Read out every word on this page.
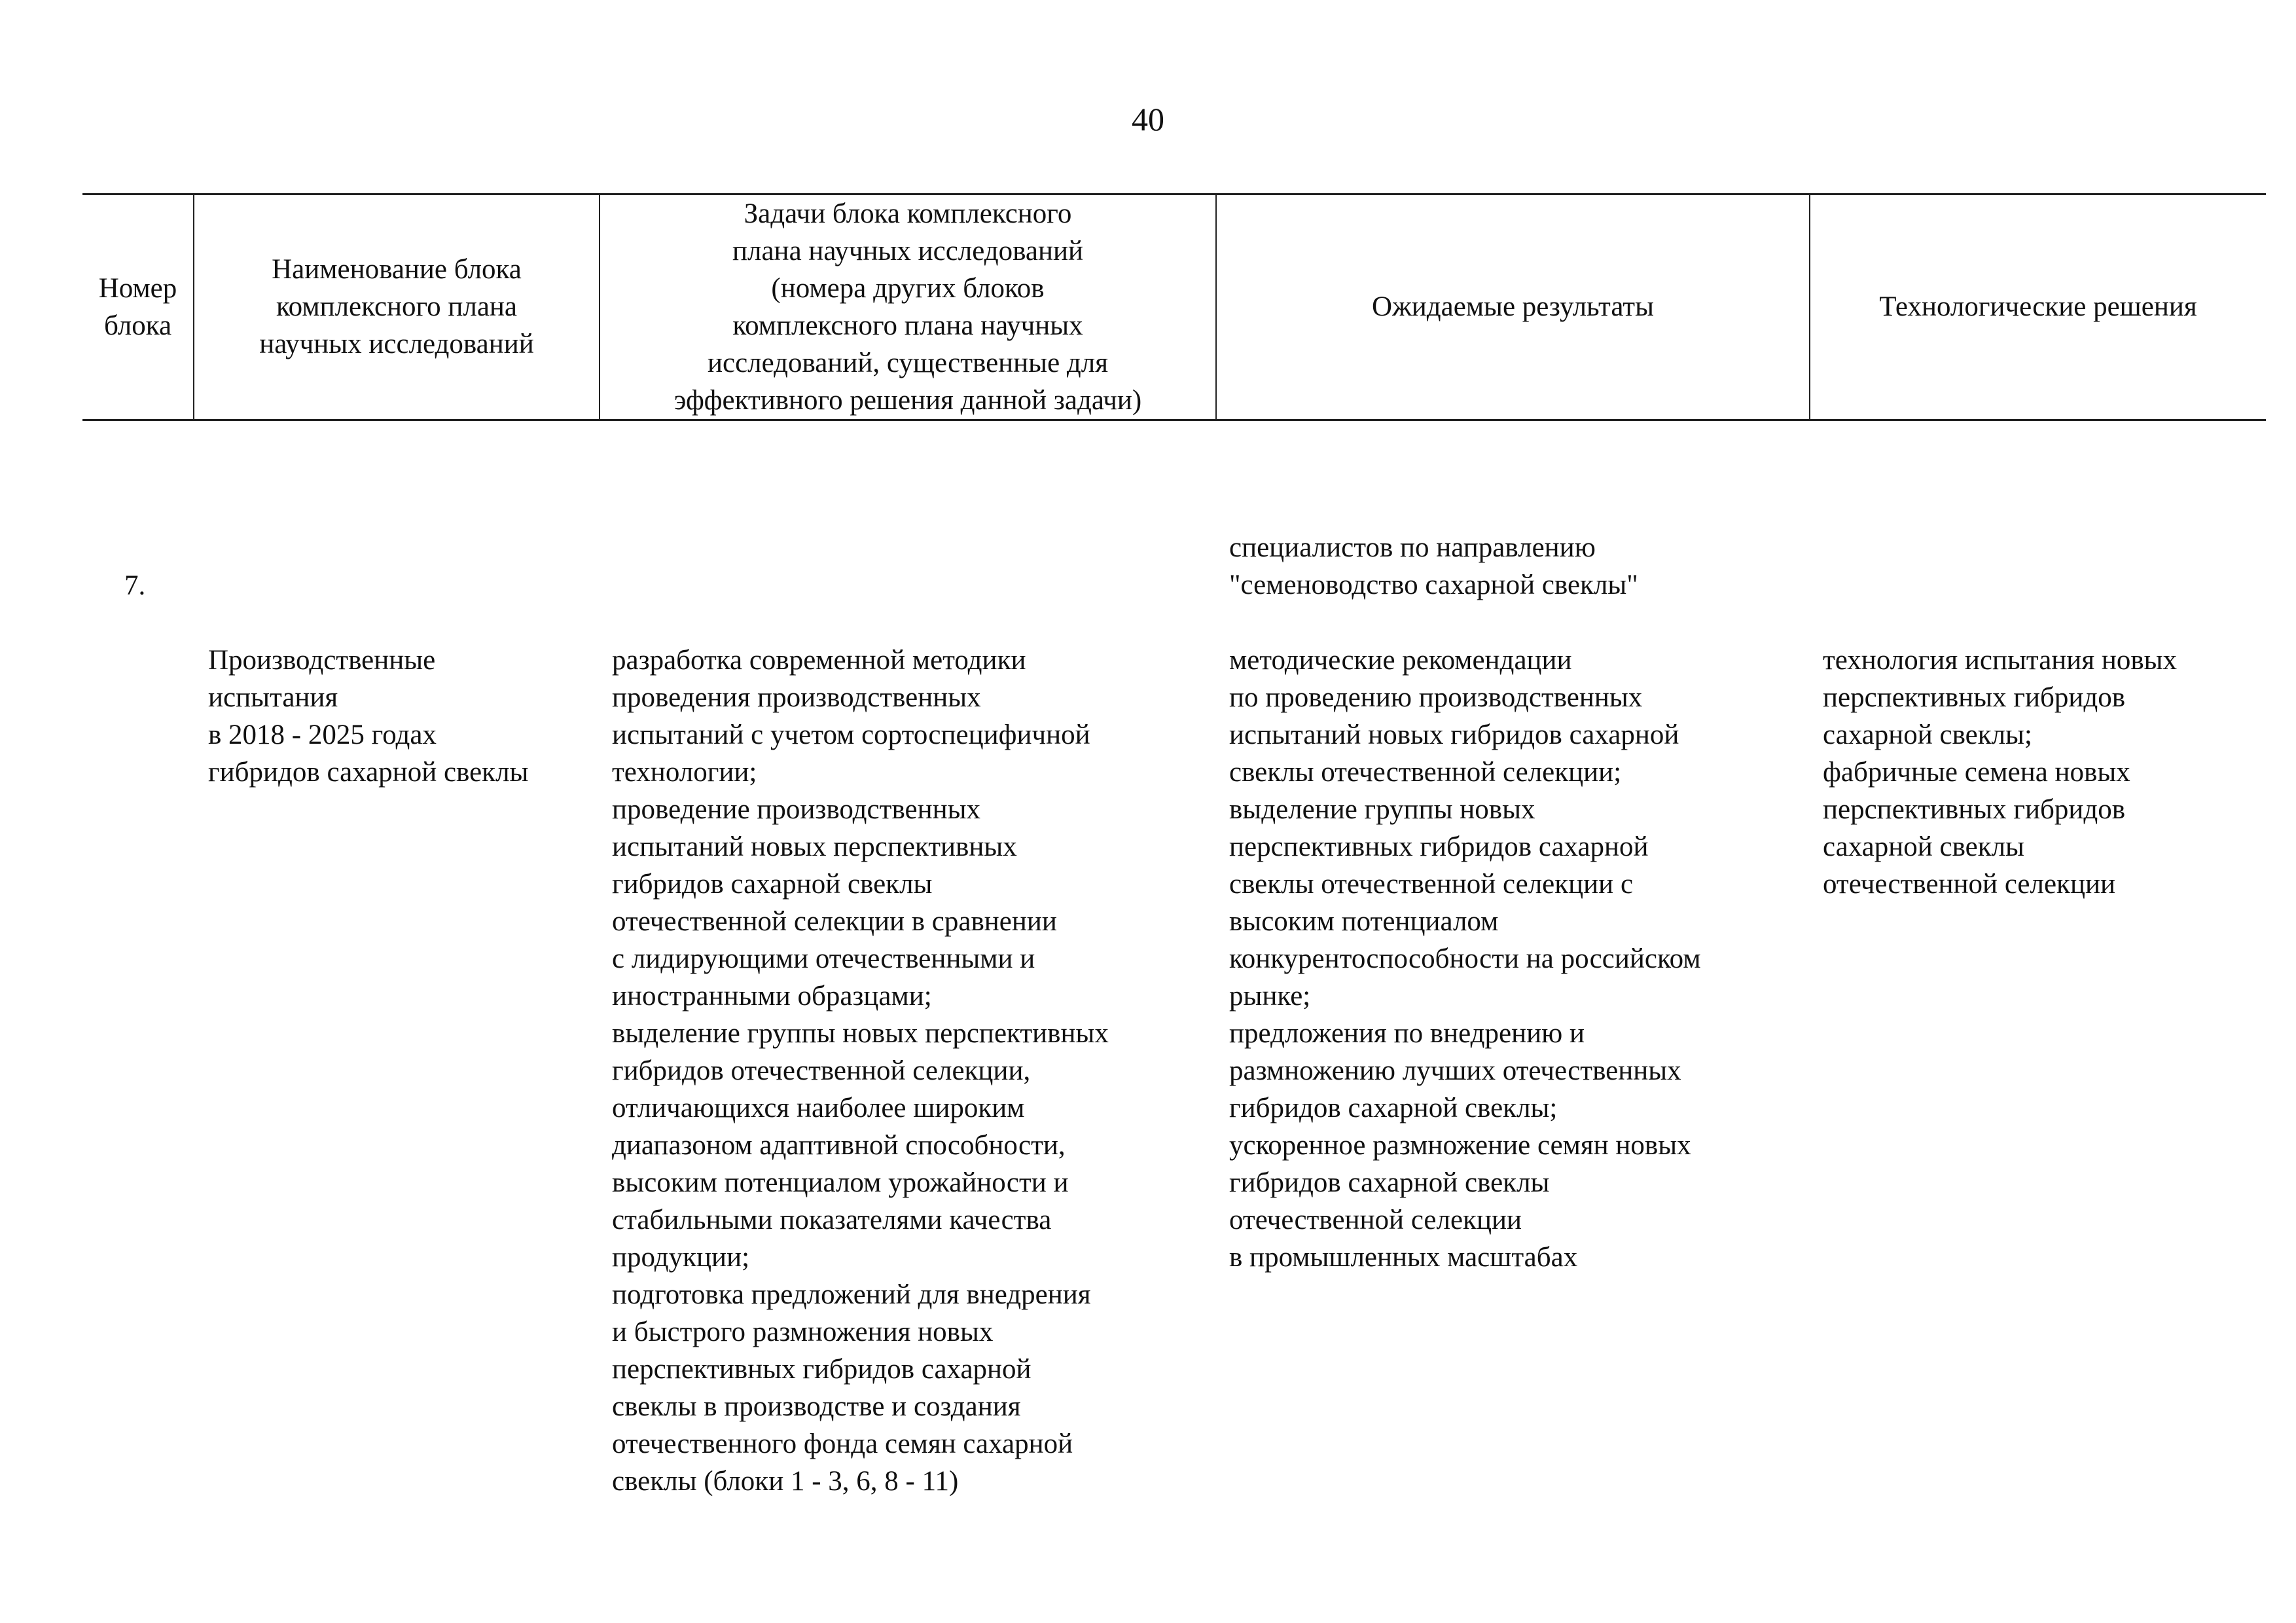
40
Номер
блока
Наименование блока
комплексного плана
научных исследований
Задачи блока комплексного
плана научных исследований
(номера других блоков
комплексного плана научных
исследований, существенные для
эффективного решения данной задачи)
Ожидаемые результаты	Технологические решения

специалистов по направлению
"семеноводство сахарной свеклы"

7.

Производственные
испытания
в 2018 - 2025 годах
гибридов сахарной свеклы

разработка современной методики
проведения производственных
испытаний с учетом сортоспецифичной
технологии;
проведение производственных
испытаний новых перспективных
гибридов сахарной свеклы
отечественной селекции в сравнении
с лидирующими отечественными и
иностранными образцами;
выделение группы новых перспективных
гибридов отечественной селекции,
отличающихся наиболее широким
диапазоном адаптивной способности,
высоким потенциалом урожайности и
стабильными показателями качества
продукции;
подготовка предложений для внедрения
и быстрого размножения новых
перспективных гибридов сахарной
свеклы в производстве и создания
отечественного фонда семян сахарной
свеклы (блоки 1 - 3, 6, 8 - 11)

методические рекомендации
по проведению производственных
испытаний новых гибридов сахарной
свеклы отечественной селекции;
выделение группы новых
перспективных гибридов сахарной
свеклы отечественной селекции с
высоким потенциалом
конкурентоспособности на российском
рынке;
предложения по внедрению и
размножению лучших отечественных
гибридов сахарной свеклы;
ускоренное размножение семян новых
гибридов сахарной свеклы
отечественной селекции
в промышленных масштабах

технология испытания новых
перспективных гибридов
сахарной свеклы;
фабричные семена новых
перспективных гибридов
сахарной свеклы
отечественной селекции
